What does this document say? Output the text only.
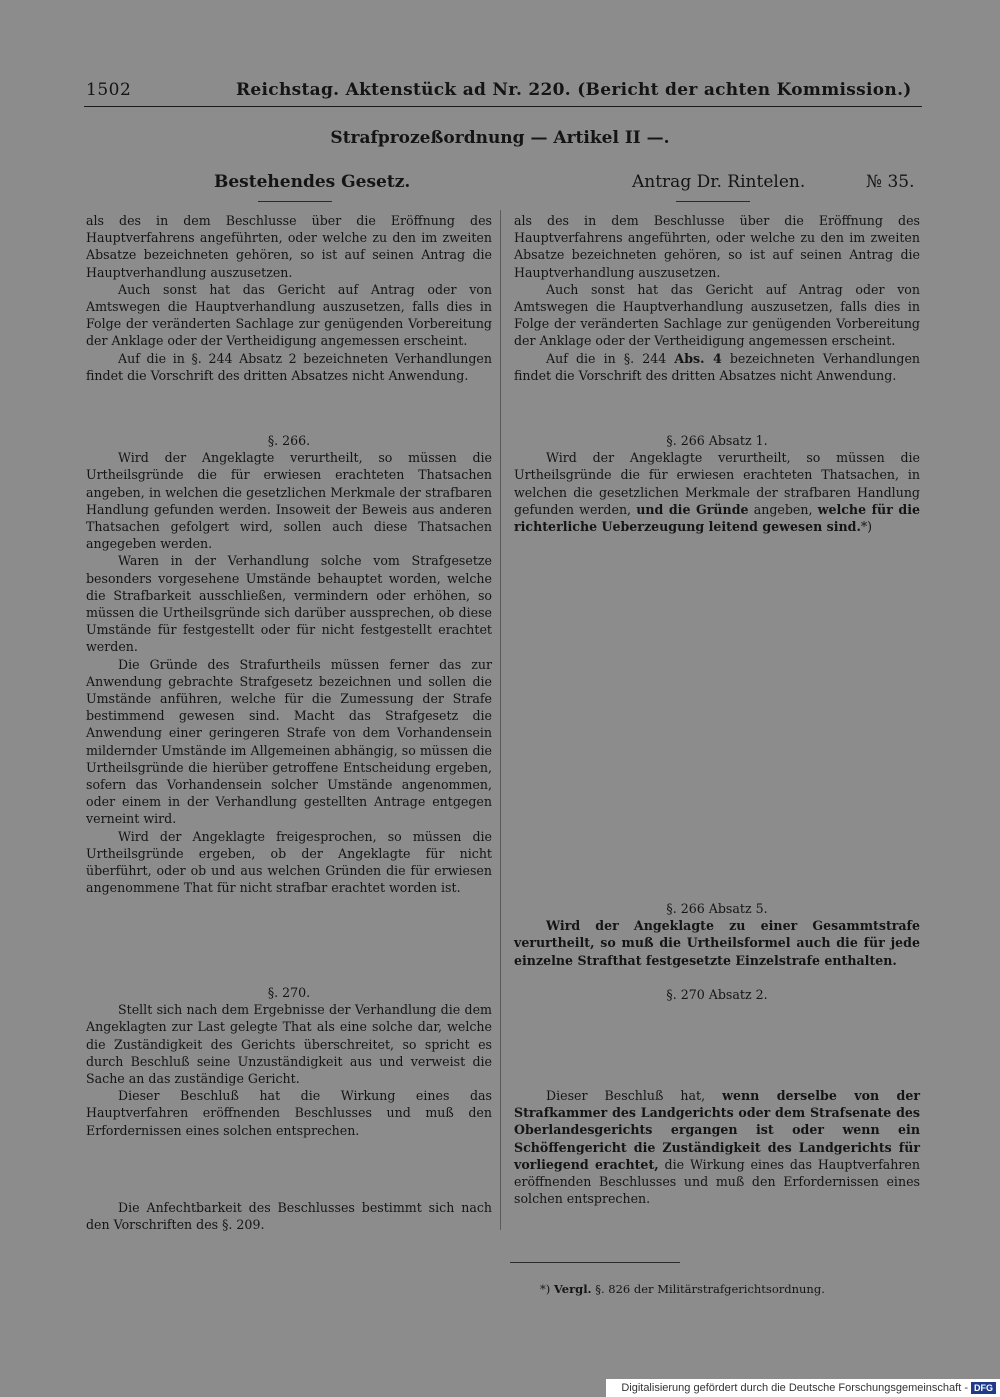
1502	Reichstag. Aktenstück ad Nr. 220. (Bericht der achten Kommission.)
Strafprozeßordnung — Artikel II —.
Bestehendes Gesetz.	Antrag Dr. Rintelen.	№ 35.

als des in dem Beschlusse über die Eröffnung des Hauptverfahrens angeführten, oder welche zu den im zweiten Absatze bezeichneten gehören, so ist auf seinen Antrag die Hauptverhandlung auszusetzen.

Auch sonst hat das Gericht auf Antrag oder von Amtswegen die Hauptverhandlung auszusetzen, falls dies in Folge der veränderten Sachlage zur genügenden Vorbereitung der Anklage oder der Vertheidigung angemessen erscheint.

Auf die in §. 244 Absatz 2 bezeichneten Verhandlungen findet die Vorschrift des dritten Absatzes nicht Anwendung.

§. 266.

Wird der Angeklagte verurtheilt, so müssen die Urtheilsgründe die für erwiesen erachteten Thatsachen angeben, in welchen die gesetzlichen Merkmale der strafbaren Handlung gefunden werden. Insoweit der Beweis aus anderen Thatsachen gefolgert wird, sollen auch diese Thatsachen angegeben werden.

Waren in der Verhandlung solche vom Strafgesetze besonders vorgesehene Umstände behauptet worden, welche die Strafbarkeit ausschließen, vermindern oder erhöhen, so müssen die Urtheilsgründe sich darüber aussprechen, ob diese Umstände für festgestellt oder für nicht festgestellt erachtet werden.

Die Gründe des Strafurtheils müssen ferner das zur Anwendung gebrachte Strafgesetz bezeichnen und sollen die Umstände anführen, welche für die Zumessung der Strafe bestimmend gewesen sind. Macht das Strafgesetz die Anwendung einer geringeren Strafe von dem Vorhandensein mildernder Umstände im Allgemeinen abhängig, so müssen die Urtheilsgründe die hierüber getroffene Entscheidung ergeben, sofern das Vorhandensein solcher Umstände angenommen, oder einem in der Verhandlung gestellten Antrage entgegen verneint wird.

Wird der Angeklagte freigesprochen, so müssen die Urtheilsgründe ergeben, ob der Angeklagte für nicht überführt, oder ob und aus welchen Gründen die für erwiesen angenommene That für nicht strafbar erachtet worden ist.

§. 270.

Stellt sich nach dem Ergebnisse der Verhandlung die dem Angeklagten zur Last gelegte That als eine solche dar, welche die Zuständigkeit des Gerichts überschreitet, so spricht es durch Beschluß seine Unzuständigkeit aus und verweist die Sache an das zuständige Gericht.

Dieser Beschluß hat die Wirkung eines das Hauptverfahren eröffnenden Beschlusses und muß den Erfordernissen eines solchen entsprechen.

Die Anfechtbarkeit des Beschlusses bestimmt sich nach den Vorschriften des §. 209.

als des in dem Beschlusse über die Eröffnung des Hauptverfahrens angeführten, oder welche zu den im zweiten Absatze bezeichneten gehören, so ist auf seinen Antrag die Hauptverhandlung auszusetzen.

Auch sonst hat das Gericht auf Antrag oder von Amtswegen die Hauptverhandlung auszusetzen, falls dies in Folge der veränderten Sachlage zur genügenden Vorbereitung der Anklage oder der Vertheidigung angemessen erscheint.

Auf die in §. 244 Abs. 4 bezeichneten Verhandlungen findet die Vorschrift des dritten Absatzes nicht Anwendung.

§. 266 Absatz 1.

Wird der Angeklagte verurtheilt, so müssen die Urtheilsgründe die für erwiesen erachteten Thatsachen, in welchen die gesetzlichen Merkmale der strafbaren Handlung gefunden werden, und die Gründe angeben, welche für die richterliche Ueberzeugung leitend gewesen sind.*)

§. 266 Absatz 5.

Wird der Angeklagte zu einer Gesammtstrafe verurtheilt, so muß die Urtheilsformel auch die für jede einzelne Strafthat festgesetzte Einzelstrafe enthalten.

§. 270 Absatz 2.

Dieser Beschluß hat, wenn derselbe von der Strafkammer des Landgerichts oder dem Strafsenate des Oberlandesgerichts ergangen ist oder wenn ein Schöffengericht die Zuständigkeit des Landgerichts für vorliegend erachtet, die Wirkung eines das Hauptverfahren eröffnenden Beschlusses und muß den Erfordernissen eines solchen entsprechen.

*) Vergl. §. 826 der Militärstrafgerichtsordnung.
Digitalisierung gefördert durch die Deutsche Forschungsgemeinschaft - DFG
